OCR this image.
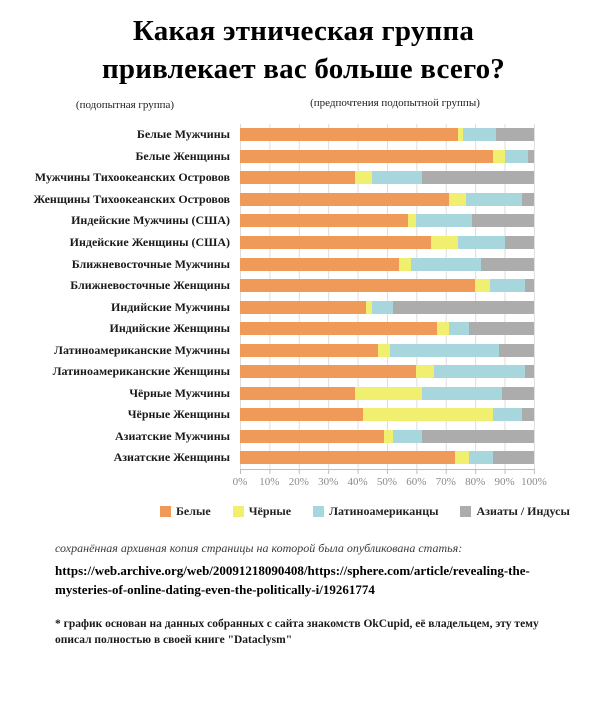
Какая этническая группа
привлекает вас больше всего?
(подопытная группа)	(предпочтения подопытной группы)
Белые Мужчины
Белые Женщины
Мужчины Тихоокеанских Островов
Женщины Тихоокеанских Островов
Индейские Мужчины (США)
Индейские Женщины (США)
Ближневосточные Мужчины
Ближневосточные Женщины
Индийские Мужчины
Индийские Женщины
Латиноамериканские Мужчины
Латиноамериканские Женщины
Чёрные Мужчины
Чёрные Женщины
Азиатские Мужчины
Азиатские Женщины
0%	10% 20% 30% 40% 50% 60% 70% 80% 90% 100%
Белые	Чёрные	Латиноамериканцы	Азиаты / Индусы
сохранённая архивная копия страницы на которой была опубликована статья:
https://web.archive.org/web/20091218090408/https://sphere.com/article/revealing-the-mysteries-of-online-dating-even-the-politically-i/19261774
* график основан на данных собранных с сайта знакомств OkCupid, её владельцем, эту тему описал полностью в своей книге "Dataclysm"
